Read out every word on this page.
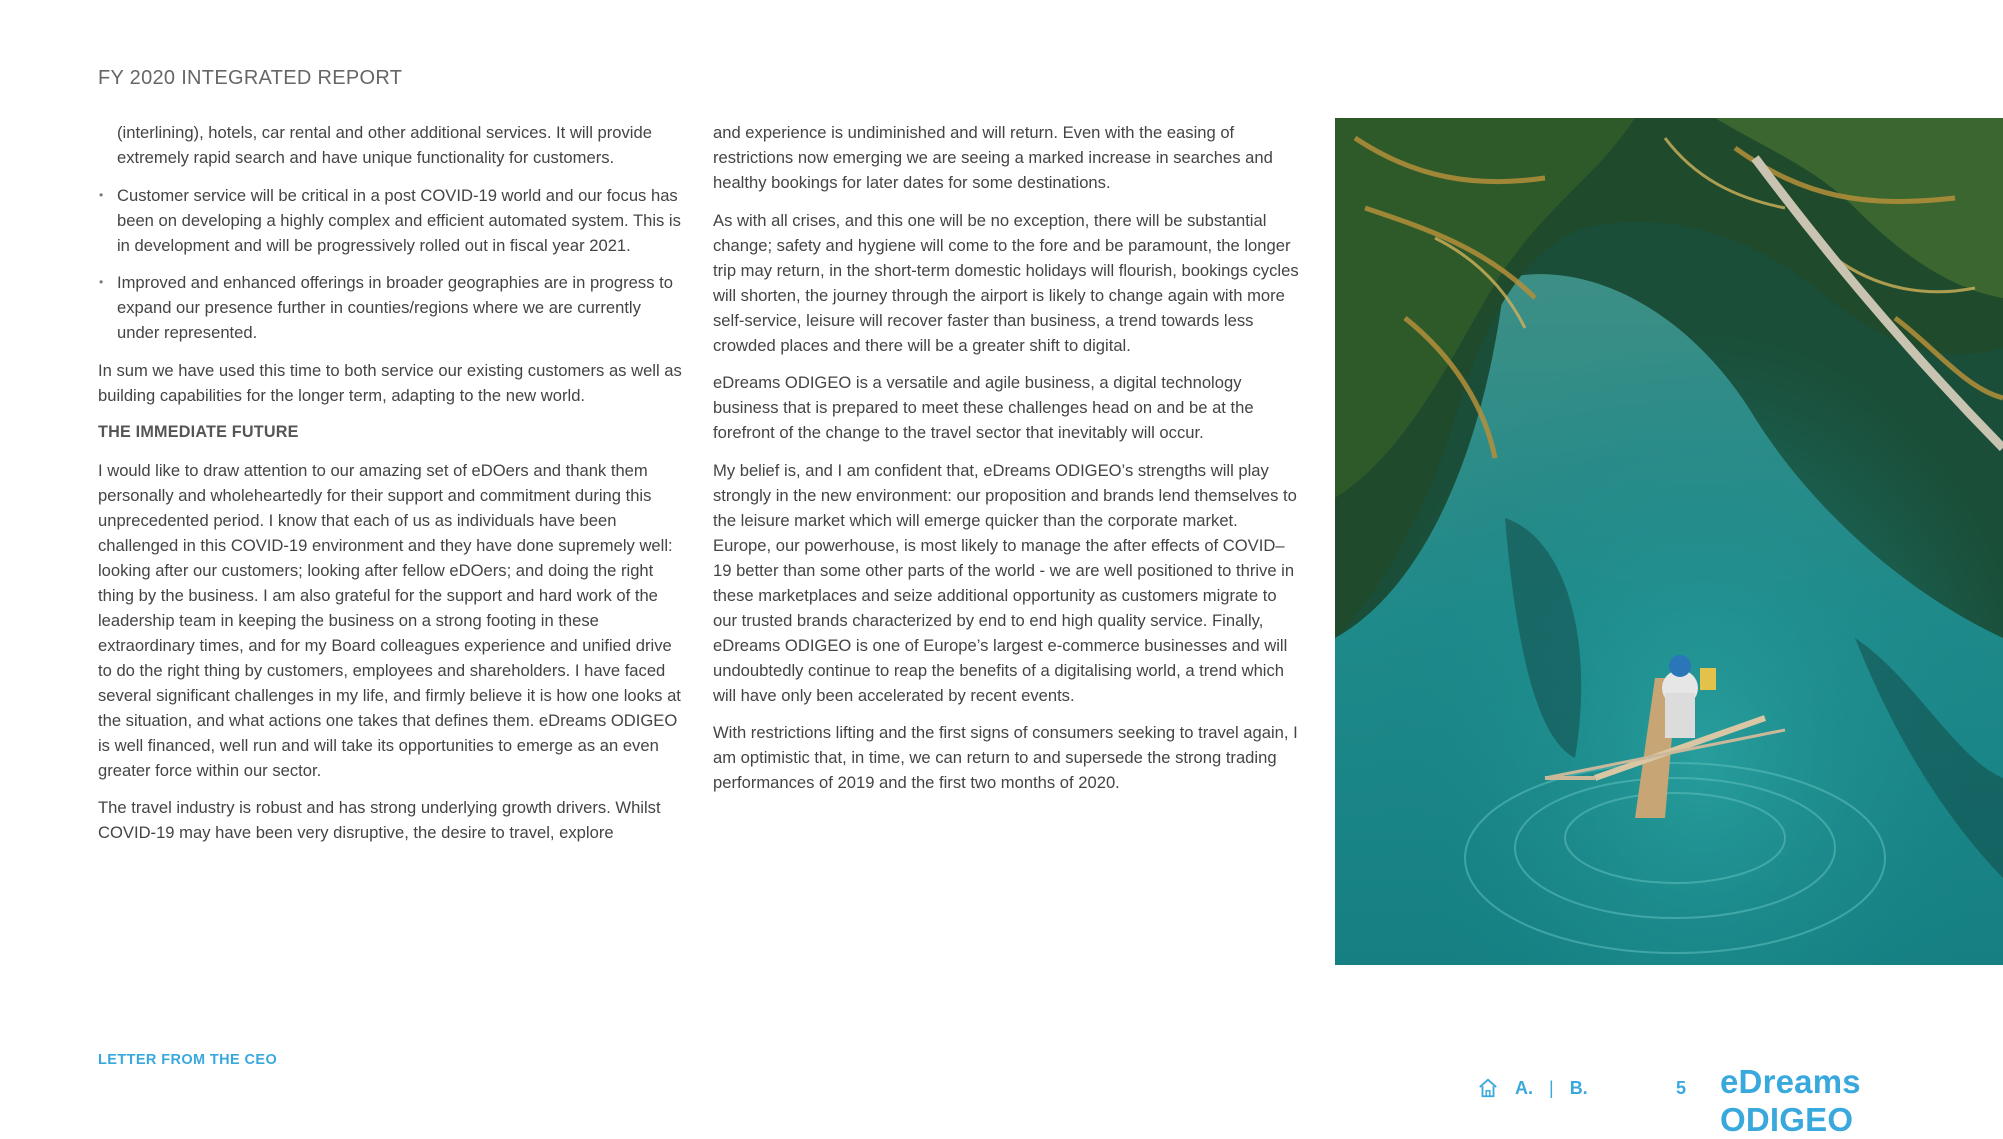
FY 2020 INTEGRATED REPORT

(interlining), hotels, car rental and other additional services. It will provide extremely rapid search and have unique functionality for customers.

• Customer service will be critical in a post COVID-19 world and our focus has been on developing a highly complex and efficient automated system. This is in development and will be progressively rolled out in fiscal year 2021.
• Improved and enhanced offerings in broader geographies are in progress to expand our presence further in counties/regions where we are currently under represented.

In sum we have used this time to both service our existing customers as well as building capabilities for the longer term, adapting to the new world.

THE IMMEDIATE FUTURE

I would like to draw attention to our amazing set of eDOers and thank them personally and wholeheartedly for their support and commitment during this unprecedented period. I know that each of us as individuals have been challenged in this COVID-19 environment and they have done supremely well: looking after our customers; looking after fellow eDOers; and doing the right thing by the business. I am also grateful for the support and hard work of the leadership team in keeping the business on a strong footing in these extraordinary times, and for my Board colleagues experience and unified drive to do the right thing by customers, employees and shareholders. I have faced several significant challenges in my life, and firmly believe it is how one looks at the situation, and what actions one takes that defines them. eDreams ODIGEO is well financed, well run and will take its opportunities to emerge as an even greater force within our sector.

The travel industry is robust and has strong underlying growth drivers. Whilst COVID-19 may have been very disruptive, the desire to travel, explore

and experience is undiminished and will return. Even with the easing of restrictions now emerging we are seeing a marked increase in searches and healthy bookings for later dates for some destinations.

As with all crises, and this one will be no exception, there will be substantial change; safety and hygiene will come to the fore and be paramount, the longer trip may return, in the short-term domestic holidays will flourish, bookings cycles will shorten, the journey through the airport is likely to change again with more self-service, leisure will recover faster than business, a trend towards less crowded places and there will be a greater shift to digital.

eDreams ODIGEO is a versatile and agile business, a digital technology business that is prepared to meet these challenges head on and be at the forefront of the change to the travel sector that inevitably will occur.

My belief is, and I am confident that, eDreams ODIGEO’s strengths will play strongly in the new environment: our proposition and brands lend themselves to the leisure market which will emerge quicker than the corporate market. Europe, our powerhouse, is most likely to manage the after effects of COVID–19 better than some other parts of the world - we are well positioned to thrive in these marketplaces and seize additional opportunity as customers migrate to our trusted brands characterized by end to end high quality service. Finally, eDreams ODIGEO is one of Europe’s largest e-commerce businesses and will undoubtedly continue to reap the benefits of a digitalising world, a trend which will have only been accelerated by recent events.

With restrictions lifting and the first signs of consumers seeking to travel again, I am optimistic that, in time, we can return to and supersede the strong trading performances of 2019 and the first two months of 2020.

LETTER FROM THE CEO
A. | B.	5 eDreams ODIGEO
